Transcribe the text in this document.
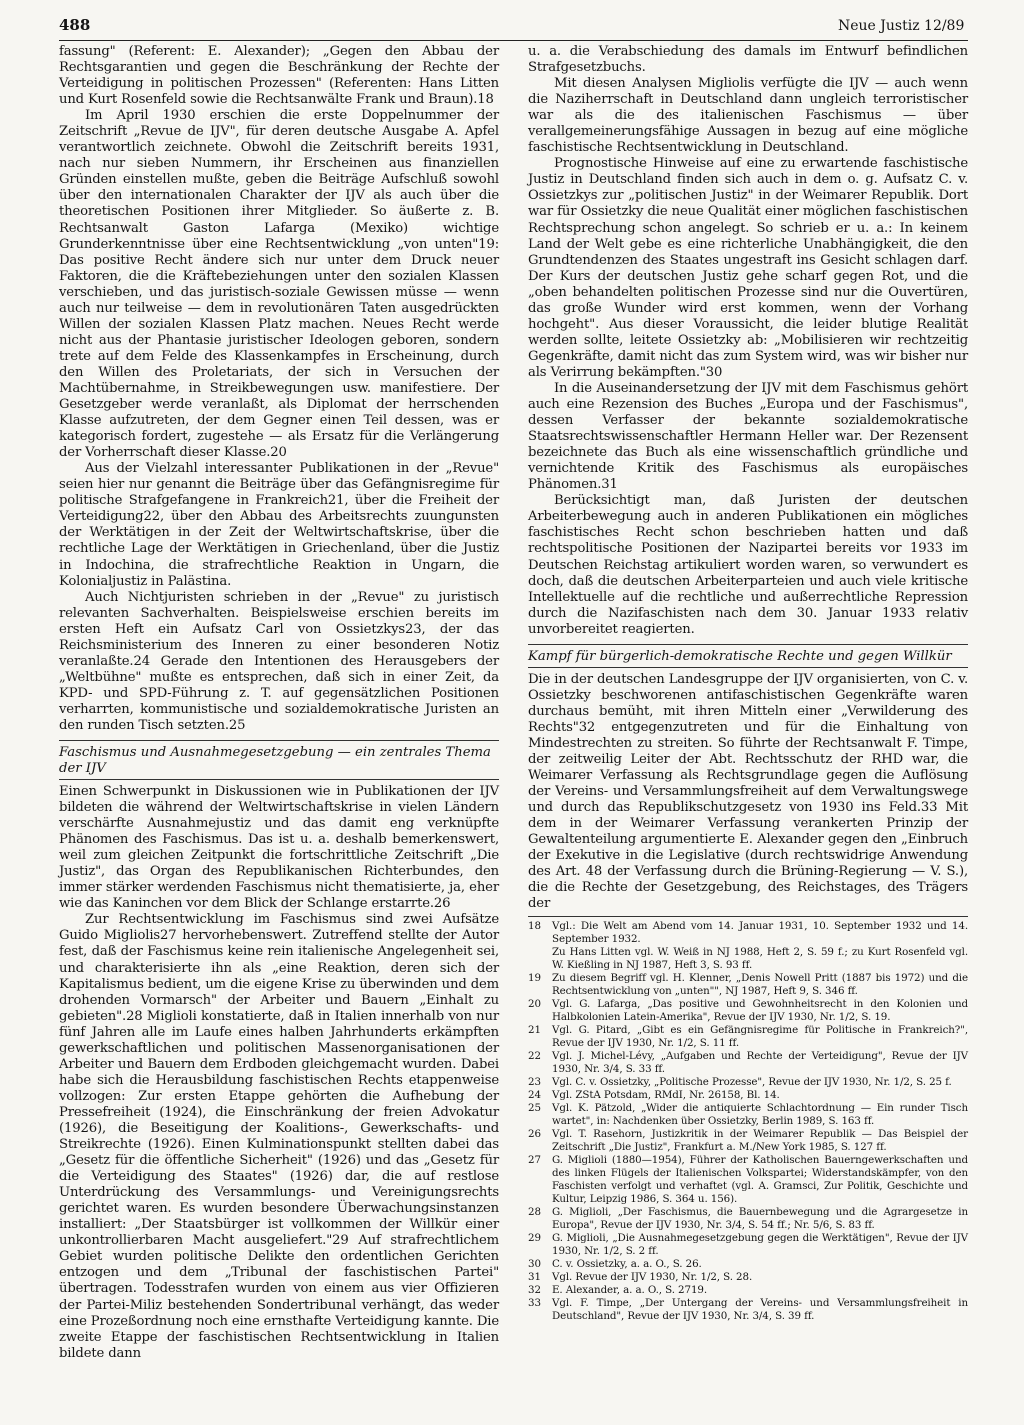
488	Neue Justiz 12/89

fassung" (Referent: E. Alexander); „Gegen den Abbau der Rechtsgarantien und gegen die Beschränkung der Rechte der Verteidigung in politischen Prozessen" (Referenten: Hans Litten und Kurt Rosenfeld sowie die Rechtsanwälte Frank und Braun).18

Im April 1930 erschien die erste Doppelnummer der Zeitschrift „Revue de IJV", für deren deutsche Ausgabe A. Apfel verantwortlich zeichnete. Obwohl die Zeitschrift bereits 1931, nach nur sieben Nummern, ihr Erscheinen aus finanziellen Gründen einstellen mußte, geben die Beiträge Aufschluß sowohl über den internationalen Charakter der IJV als auch über die theoretischen Positionen ihrer Mitglieder. So äußerte z. B. Rechtsanwalt Gaston Lafarga (Mexiko) wichtige Grunderkenntnisse über eine Rechtsentwicklung „von unten"19: Das positive Recht ändere sich nur unter dem Druck neuer Faktoren, die die Kräftebeziehungen unter den sozialen Klassen verschieben, und das juristisch-soziale Gewissen müsse — wenn auch nur teilweise — dem in revolutionären Taten ausgedrückten Willen der sozialen Klassen Platz machen. Neues Recht werde nicht aus der Phantasie juristischer Ideologen geboren, sondern trete auf dem Felde des Klassenkampfes in Erscheinung, durch den Willen des Proletariats, der sich in Versuchen der Machtübernahme, in Streikbewegungen usw. manifestiere. Der Gesetzgeber werde veranlaßt, als Diplomat der herrschenden Klasse aufzutreten, der dem Gegner einen Teil dessen, was er kategorisch fordert, zugestehe — als Ersatz für die Verlängerung der Vorherrschaft dieser Klasse.20

Aus der Vielzahl interessanter Publikationen in der „Revue" seien hier nur genannt die Beiträge über das Gefängnisregime für politische Strafgefangene in Frankreich21, über die Freiheit der Verteidigung22, über den Abbau des Arbeitsrechts zuungunsten der Werktätigen in der Zeit der Weltwirtschaftskrise, über die rechtliche Lage der Werktätigen in Griechenland, über die Justiz in Indochina, die strafrechtliche Reaktion in Ungarn, die Kolonialjustiz in Palästina.

Auch Nichtjuristen schrieben in der „Revue" zu juristisch relevanten Sachverhalten. Beispielsweise erschien bereits im ersten Heft ein Aufsatz Carl von Ossietzkys23, der das Reichsministerium des Inneren zu einer besonderen Notiz veranlaßte.24 Gerade den Intentionen des Herausgebers der „Weltbühne" mußte es entsprechen, daß sich in einer Zeit, da KPD- und SPD-Führung z. T. auf gegensätzlichen Positionen verharrten, kommunistische und sozialdemokratische Juristen an den runden Tisch setzten.25

Faschismus und Ausnahmegesetzgebung — ein zentrales Thema der IJV

Einen Schwerpunkt in Diskussionen wie in Publikationen der IJV bildeten die während der Weltwirtschaftskrise in vielen Ländern verschärfte Ausnahmejustiz und das damit eng verknüpfte Phänomen des Faschismus. Das ist u. a. deshalb bemerkenswert, weil zum gleichen Zeitpunkt die fortschrittliche Zeitschrift „Die Justiz", das Organ des Republikanischen Richterbundes, den immer stärker werdenden Faschismus nicht thematisierte, ja, eher wie das Kaninchen vor dem Blick der Schlange erstarrte.26

Zur Rechtsentwicklung im Faschismus sind zwei Aufsätze Guido Migliolis27 hervorhebenswert. Zutreffend stellte der Autor fest, daß der Faschismus keine rein italienische Angelegenheit sei, und charakterisierte ihn als „eine Reaktion, deren sich der Kapitalismus bedient, um die eigene Krise zu überwinden und dem drohenden Vormarsch" der Arbeiter und Bauern „Einhalt zu gebieten".28 Miglioli konstatierte, daß in Italien innerhalb von nur fünf Jahren alle im Laufe eines halben Jahrhunderts erkämpften gewerkschaftlichen und politischen Massenorganisationen der Arbeiter und Bauern dem Erdboden gleichgemacht wurden. Dabei habe sich die Herausbildung faschistischen Rechts etappenweise vollzogen: Zur ersten Etappe gehörten die Aufhebung der Pressefreiheit (1924), die Einschränkung der freien Advokatur (1926), die Beseitigung der Koalitions-, Gewerkschafts- und Streikrechte (1926). Einen Kulminationspunkt stellten dabei das „Gesetz für die öffentliche Sicherheit" (1926) und das „Gesetz für die Verteidigung des Staates" (1926) dar, die auf restlose Unterdrückung des Versammlungs- und Vereinigungsrechts gerichtet waren. Es wurden besondere Überwachungsinstanzen installiert: „Der Staatsbürger ist vollkommen der Willkür einer unkontrollierbaren Macht ausgeliefert."29 Auf strafrechtlichem Gebiet wurden politische Delikte den ordentlichen Gerichten entzogen und dem „Tribunal der faschistischen Partei" übertragen. Todesstrafen wurden von einem aus vier Offizieren der Partei-Miliz bestehenden Sondertribunal verhängt, das weder eine Prozeßordnung noch eine ernsthafte Verteidigung kannte. Die zweite Etappe der faschistischen Rechtsentwicklung in Italien bildete dann

u. a. die Verabschiedung des damals im Entwurf befindlichen Strafgesetzbuchs.

Mit diesen Analysen Migliolis verfügte die IJV — auch wenn die Naziherrschaft in Deutschland dann ungleich terroristischer war als die des italienischen Faschismus — über verallgemeinerungsfähige Aussagen in bezug auf eine mögliche faschistische Rechtsentwicklung in Deutschland.

Prognostische Hinweise auf eine zu erwartende faschistische Justiz in Deutschland finden sich auch in dem o. g. Aufsatz C. v. Ossietzkys zur „politischen Justiz" in der Weimarer Republik. Dort war für Ossietzky die neue Qualität einer möglichen faschistischen Rechtsprechung schon angelegt. So schrieb er u. a.: In keinem Land der Welt gebe es eine richterliche Unabhängigkeit, die den Grundtendenzen des Staates ungestraft ins Gesicht schlagen darf. Der Kurs der deutschen Justiz gehe scharf gegen Rot, und die „oben behandelten politischen Prozesse sind nur die Ouvertüren, das große Wunder wird erst kommen, wenn der Vorhang hochgeht". Aus dieser Voraussicht, die leider blutige Realität werden sollte, leitete Ossietzky ab: „Mobilisieren wir rechtzeitig Gegenkräfte, damit nicht das zum System wird, was wir bisher nur als Verirrung bekämpften."30

In die Auseinandersetzung der IJV mit dem Faschismus gehört auch eine Rezension des Buches „Europa und der Faschismus", dessen Verfasser der bekannte sozialdemokratische Staatsrechtswissenschaftler Hermann Heller war. Der Rezensent bezeichnete das Buch als eine wissenschaftlich gründliche und vernichtende Kritik des Faschismus als europäisches Phänomen.31

Berücksichtigt man, daß Juristen der deutschen Arbeiterbewegung auch in anderen Publikationen ein mögliches faschistisches Recht schon beschrieben hatten und daß rechtspolitische Positionen der Nazipartei bereits vor 1933 im Deutschen Reichstag artikuliert worden waren, so verwundert es doch, daß die deutschen Arbeiterparteien und auch viele kritische Intellektuelle auf die rechtliche und außerrechtliche Repression durch die Nazifaschisten nach dem 30. Januar 1933 relativ unvorbereitet reagierten.

Kampf für bürgerlich-demokratische Rechte und gegen Willkür

Die in der deutschen Landesgruppe der IJV organisierten, von C. v. Ossietzky beschworenen antifaschistischen Gegenkräfte waren durchaus bemüht, mit ihren Mitteln einer „Verwilderung des Rechts"32 entgegenzutreten und für die Einhaltung von Mindestrechten zu streiten. So führte der Rechtsanwalt F. Timpe, der zeitweilig Leiter der Abt. Rechtsschutz der RHD war, die Weimarer Verfassung als Rechtsgrundlage gegen die Auflösung der Vereins- und Versammlungsfreiheit auf dem Verwaltungswege und durch das Republikschutzgesetz von 1930 ins Feld.33 Mit dem in der Weimarer Verfassung verankerten Prinzip der Gewaltenteilung argumentierte E. Alexander gegen den „Einbruch der Exekutive in die Legislative (durch rechtswidrige Anwendung des Art. 48 der Verfassung durch die Brüning-Regierung — V. S.), die die Rechte der Gesetzgebung, des Reichstages, des Trägers der

18	Vgl.: Die Welt am Abend vom 14. Januar 1931, 10. September 1932 und 14. September 1932.
Zu Hans Litten vgl. W. Weiß in NJ 1988, Heft 2, S. 59 f.; zu Kurt Rosenfeld vgl. W. Kießling in NJ 1987, Heft 3, S. 93 ff.
19	Zu diesem Begriff vgl. H. Klenner, „Denis Nowell Pritt (1887 bis 1972) und die Rechtsentwicklung von „unten"", NJ 1987, Heft 9, S. 346 ff.
20	Vgl. G. Lafarga, „Das positive und Gewohnheitsrecht in den Kolonien und Halbkolonien Latein-Amerika", Revue der IJV 1930, Nr. 1/2, S. 19.
21	Vgl. G. Pitard, „Gibt es ein Gefängnisregime für Politische in Frankreich?", Revue der IJV 1930, Nr. 1/2, S. 11 ff.
22	Vgl. J. Michel-Lévy, „Aufgaben und Rechte der Verteidigung", Revue der IJV 1930, Nr. 3/4, S. 33 ff.
23	Vgl. C. v. Ossietzky, „Politische Prozesse", Revue der IJV 1930, Nr. 1/2, S. 25 f.
24	Vgl. ZStA Potsdam, RMdI, Nr. 26158, Bl. 14.
25	Vgl. K. Pätzold, „Wider die antiquierte Schlachtordnung — Ein runder Tisch wartet", in: Nachdenken über Ossietzky, Berlin 1989, S. 163 ff.
26	Vgl. T. Rasehorn, Justizkritik in der Weimarer Republik — Das Beispiel der Zeitschrift „Die Justiz", Frankfurt a. M./New York 1985, S. 127 ff.
27	G. Miglioli (1880—1954), Führer der Katholischen Bauerngewerkschaften und des linken Flügels der Italienischen Volkspartei; Widerstandskämpfer, von den Faschisten verfolgt und verhaftet (vgl. A. Gramsci, Zur Politik, Geschichte und Kultur, Leipzig 1986, S. 364 u. 156).
28	G. Miglioli, „Der Faschismus, die Bauernbewegung und die Agrargesetze in Europa", Revue der IJV 1930, Nr. 3/4, S. 54 ff.; Nr. 5/6, S. 83 ff.
29	G. Miglioli, „Die Ausnahmegesetzgebung gegen die Werktätigen", Revue der IJV 1930, Nr. 1/2, S. 2 ff.
30	C. v. Ossietzky, a. a. O., S. 26.
31	Vgl. Revue der IJV 1930, Nr. 1/2, S. 28.
32	E. Alexander, a. a. O., S. 2719.
33	Vgl. F. Timpe, „Der Untergang der Vereins- und Versammlungsfreiheit in Deutschland", Revue der IJV 1930, Nr. 3/4, S. 39 ff.
